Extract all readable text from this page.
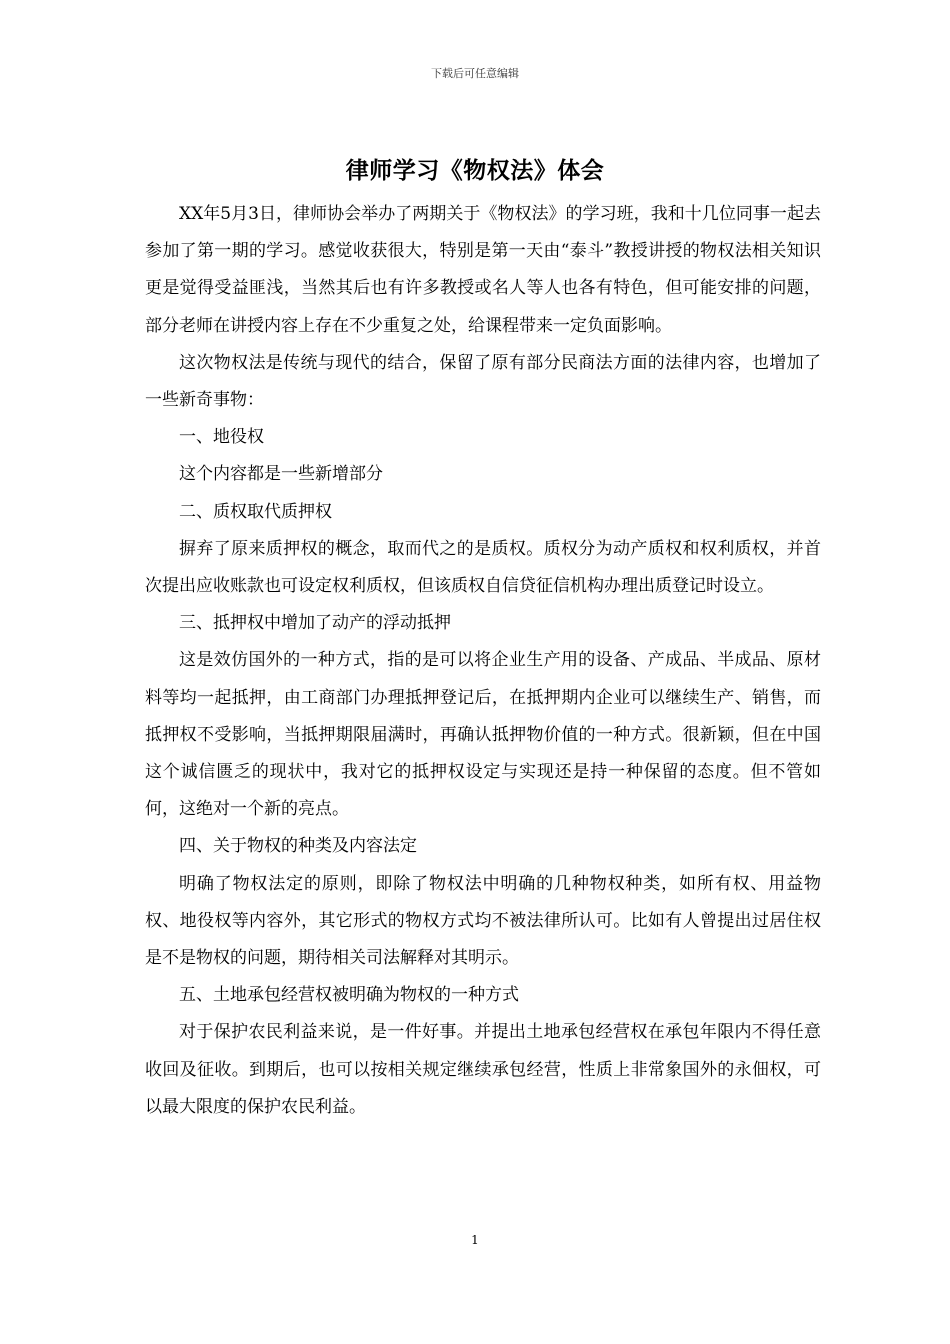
下载后可任意编辑
律师学习《物权法》体会

XX年5月3日，律师协会举办了两期关于《物权法》的学习班，我和十几位同事一起去参加了第一期的学习。感觉收获很大，特别是第一天由“泰斗”教授讲授的物权法相关知识更是觉得受益匪浅，当然其后也有许多教授或名人等人也各有特色，但可能安排的问题，部分老师在讲授内容上存在不少重复之处，给课程带来一定负面影响。

这次物权法是传统与现代的结合，保留了原有部分民商法方面的法律内容，也增加了一些新奇事物：

一、地役权

这个内容都是一些新增部分

二、质权取代质押权

摒弃了原来质押权的概念，取而代之的是质权。质权分为动产质权和权利质权，并首次提出应收账款也可设定权利质权，但该质权自信贷征信机构办理出质登记时设立。

三、抵押权中增加了动产的浮动抵押

这是效仿国外的一种方式，指的是可以将企业生产用的设备、产成品、半成品、原材料等均一起抵押，由工商部门办理抵押登记后，在抵押期内企业可以继续生产、销售，而抵押权不受影响，当抵押期限届满时，再确认抵押物价值的一种方式。很新颖，但在中国这个诚信匮乏的现状中，我对它的抵押权设定与实现还是持一种保留的态度。但不管如何，这绝对一个新的亮点。

四、关于物权的种类及内容法定

明确了物权法定的原则，即除了物权法中明确的几种物权种类，如所有权、用益物权、地役权等内容外，其它形式的物权方式均不被法律所认可。比如有人曾提出过居住权是不是物权的问题，期待相关司法解释对其明示。

五、土地承包经营权被明确为物权的一种方式

对于保护农民利益来说，是一件好事。并提出土地承包经营权在承包年限内不得任意收回及征收。到期后，也可以按相关规定继续承包经营，性质上非常象国外的永佃权，可以最大限度的保护农民利益。

1
